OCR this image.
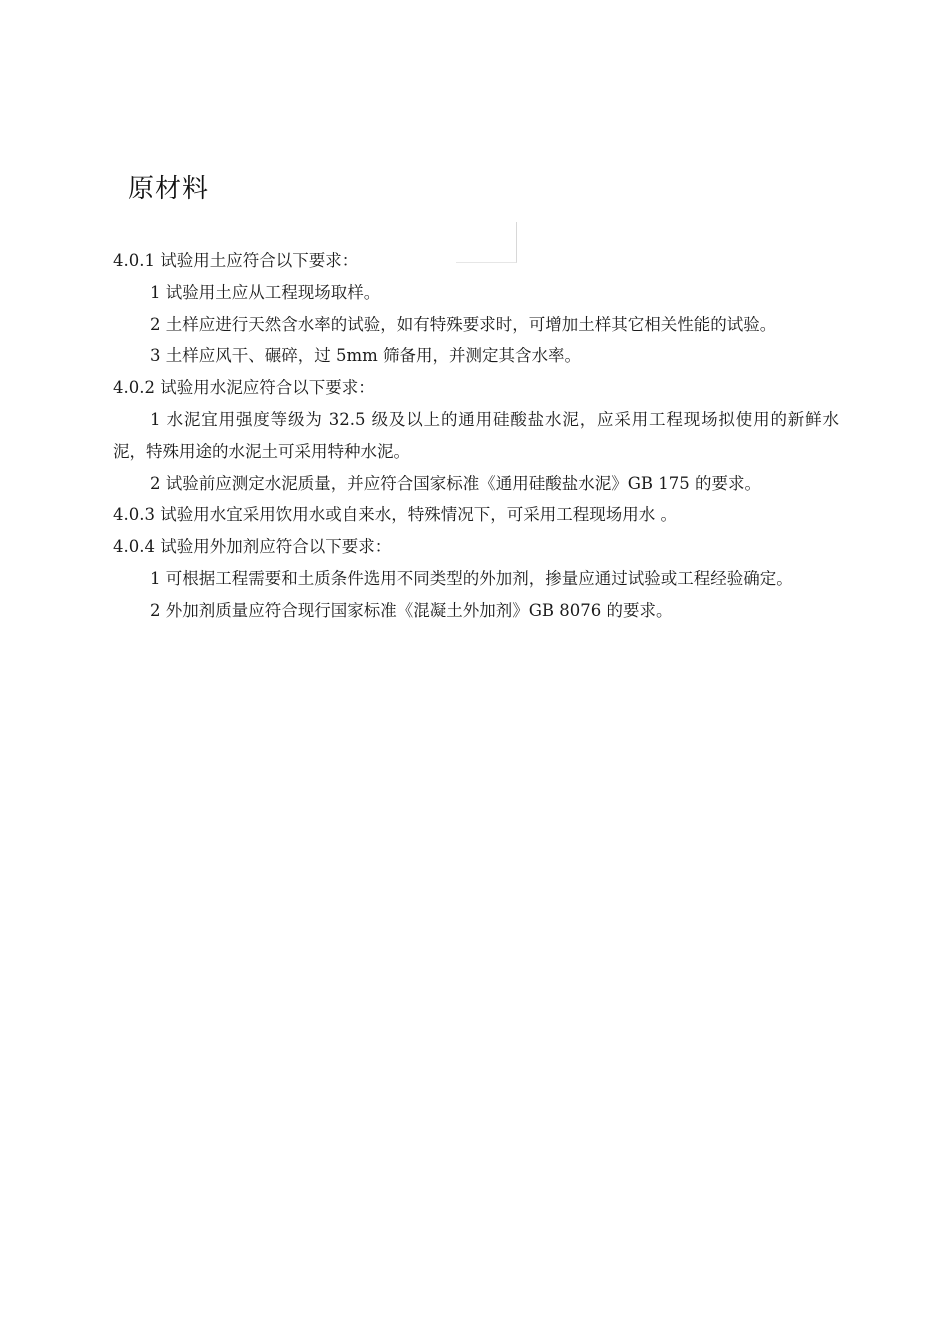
原材料
4.0.1 试验用土应符合以下要求：
1 试验用土应从工程现场取样。
2 土样应进行天然含水率的试验，如有特殊要求时，可增加土样其它相关性能的试验。
3 土样应风干、碾碎，过 5mm 筛备用，并测定其含水率。
4.0.2 试验用水泥应符合以下要求：
1 水泥宜用强度等级为 32.5 级及以上的通用硅酸盐水泥，应采用工程现场拟使用的新鲜水泥，特殊用途的水泥土可采用特种水泥。
2 试验前应测定水泥质量，并应符合国家标准《通用硅酸盐水泥》GB 175 的要求。
4.0.3 试验用水宜采用饮用水或自来水，特殊情况下，可采用工程现场用水 。
4.0.4 试验用外加剂应符合以下要求：
1 可根据工程需要和土质条件选用不同类型的外加剂，掺量应通过试验或工程经验确定。
2 外加剂质量应符合现行国家标准《混凝土外加剂》GB 8076 的要求。
